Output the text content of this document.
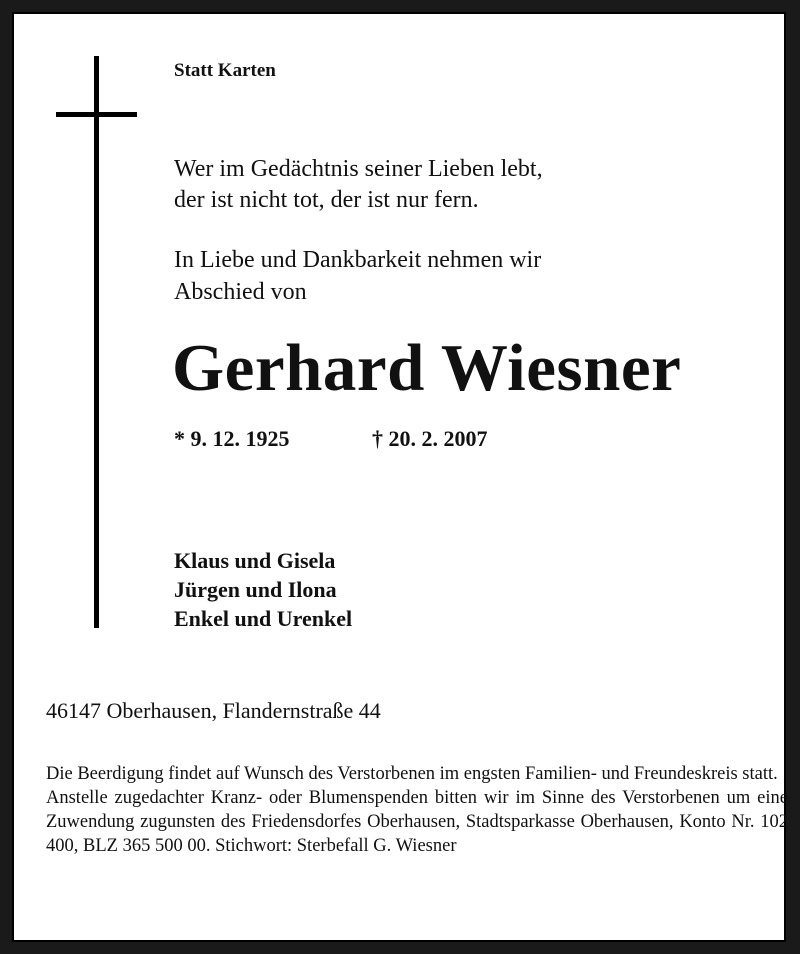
Statt Karten
Wer im Gedächtnis seiner Lieben lebt,
der ist nicht tot, der ist nur fern.
In Liebe und Dankbarkeit nehmen wir
Abschied von
Gerhard Wiesner
* 9. 12. 1925	† 20. 2. 2007
Klaus und Gisela
Jürgen und Ilona
Enkel und Urenkel
46147 Oberhausen, Flandernstraße 44

Die Beerdigung findet auf Wunsch des Verstorbenen im engsten Familien- und Freundeskreis statt.

Anstelle zugedachter Kranz- oder Blumenspenden bitten wir im Sinne des Verstorbenen um eine Zuwendung zugunsten des Friedensdorfes Oberhausen, Stadtsparkasse Oberhausen, Konto Nr. 102 400, BLZ 365 500 00. Stichwort: Sterbefall G. Wiesner
